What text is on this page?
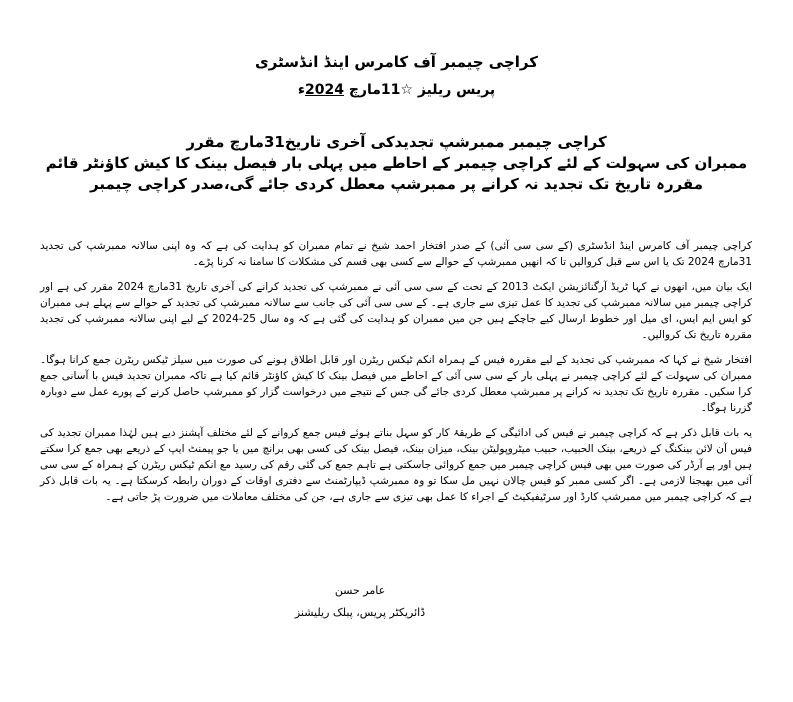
کراچی چیمبر آف کامرس اینڈ انڈسٹری
پریس ریلیز ☆11مارچ 2024ء

کراچی چیمبر ممبرشپ تجدیدکی آخری تاریخ31مارچ مقرر

ممبران کی سہولت کے لئے کراچی چیمبر کے احاطے میں پہلی بار فیصل بینک کا کیش کاؤنٹر قائم

مقررہ تاریخ تک تجدید نہ کرانے پر ممبرشپ معطل کردی جائے گی،صدر کراچی چیمبر

کراچی چیمبر آف کامرس اینڈ انڈسٹری (کے سی سی آئی) کے صدر افتخار احمد شیخ نے تمام ممبران کو ہدایت کی ہے کہ وہ اپنی سالانہ ممبرشپ کی تجدید 31مارچ 2024 تک یا اس سے قبل کروالیں تا کہ انھیں ممبرشپ کے حوالے سے کسی بھی قسم کی مشکلات کا سامنا نہ کرنا پڑے۔

ایک بیان میں، انھوں نے کہا ٹریڈ آرگنائزیشن ایکٹ 2013 کے تحت کے سی سی آئی نے ممبرشپ کی تجدید کرانے کی آخری تاریخ 31مارچ 2024 مقرر کی ہے اور کراچی چیمبر میں سالانہ ممبرشپ کی تجدید کا عمل تیزی سے جاری ہے۔ کے سی سی آئی کی جانب سے سالانہ ممبرشپ کی تجدید کے حوالے سے پہلے ہی ممبران کو ایس ایم ایس، ای میل اور خطوط ارسال کیے جاچکے ہیں جن میں ممبران کو ہدایت کی گئی ہے کہ وہ سال 25-2024 کے لیے اپنی سالانہ ممبرشپ کی تجدید مقررہ تاریخ تک کروالیں۔

افتخار شیخ نے کہا کہ ممبرشپ کی تجدید کے لیے مقررہ فیس کے ہمراہ انکم ٹیکس ریٹرن اور قابل اطلاق ہونے کی صورت میں سیلز ٹیکس ریٹرن جمع کرانا ہوگا۔ ممبران کی سہولت کے لئے کراچی چیمبر نے پہلی بار کے سی سی آئی کے احاطے میں فیصل بینک کا کیش کاؤنٹر قائم کیا ہے تاکہ ممبران تجدید فیس با آسانی جمع کرا سکیں۔ مقررہ تاریخ تک تجدید نہ کرانے پر ممبرشپ معطل کردی جائے گی جس کے نتیجے میں درخواست گزار کو ممبرشپ حاصل کرنے کے پورے عمل سے دوبارہ گزرنا ہوگا۔

یہ بات قابل ذکر ہے کہ کراچی چیمبر نے فیس کی ادائیگی کے طریقۂ کار کو سہل بناتے ہوئے فیس جمع کروانے کے لئے مختلف آپشنز دیے ہیں لہٰذا ممبران تجدید کی فیس آن لائن بینکنگ کے ذریعے، بینک الحبیب، حبیب میٹروپولیٹن بینک، میزان بینک، فیصل بینک کی کسی بھی برانچ میں یا جو پیمنٹ ایپ کے ذریعے بھی جمع کرا سکتے ہیں اور پے آرڈر کی صورت میں بھی فیس کراچی چیمبر میں جمع کروائی جاسکتی ہے تاہم جمع کی گئی رقم کی رسید مع انکم ٹیکس ریٹرن کے ہمراہ کے سی سی آئی میں بھیجنا لازمی ہے۔ اگر کسی ممبر کو فیس چالان نہیں مل سکا تو وہ ممبرشپ ڈیپارٹمنٹ سے دفتری اوقات کے دوران رابطہ کرسکتا ہے۔ یہ بات قابل ذکر ہے کہ کراچی چیمبر میں ممبرشپ کارڈ اور سرٹیفیکیٹ کے اجراء کا عمل بھی تیزی سے جاری ہے، جن کی مختلف معاملات میں ضرورت پڑ جاتی ہے۔

عامر حسن
ڈائریکٹر پریس، پبلک ریلیشنز
